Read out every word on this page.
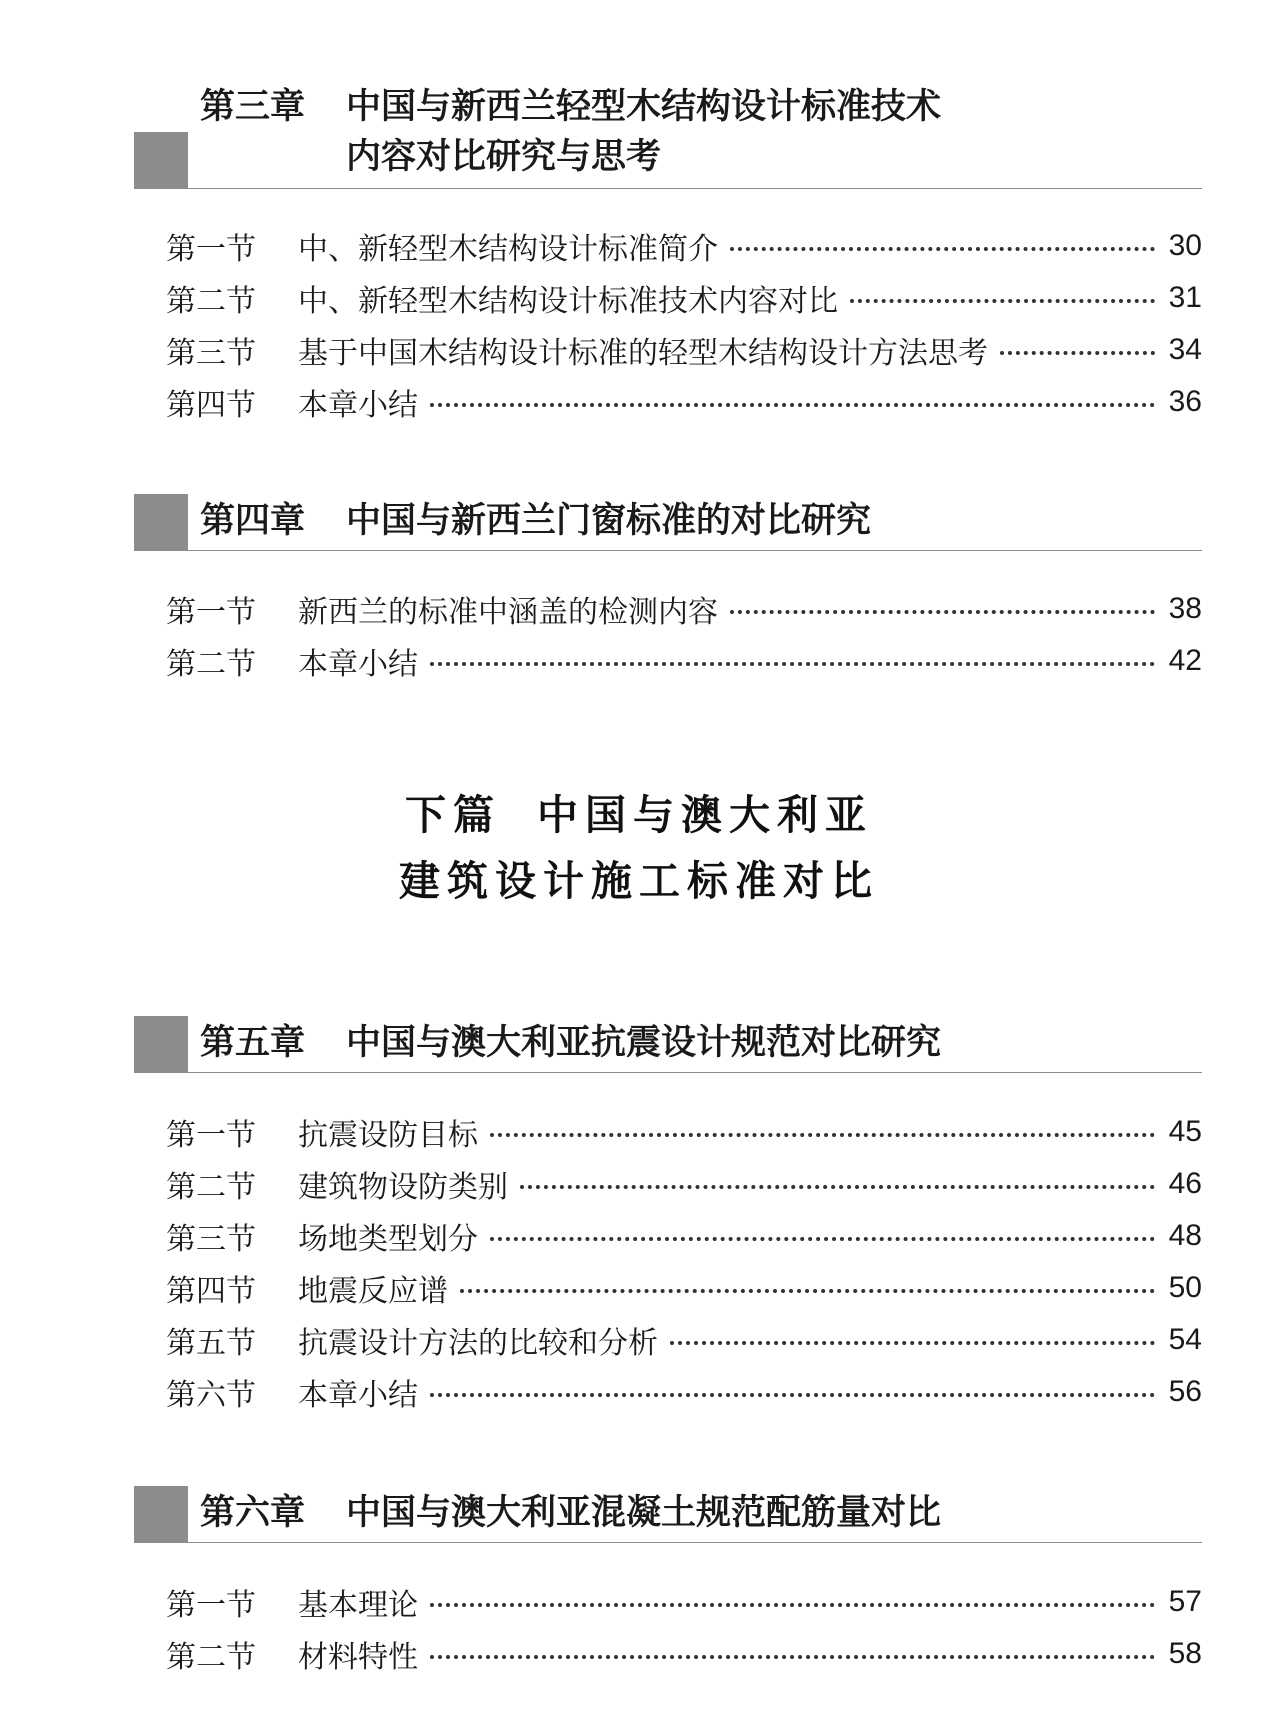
第三章 中国与新西兰轻型木结构设计标准技术
内容对比研究与思考
第一节	中、新轻型木结构设计标准简介	30
第二节	中、新轻型木结构设计标准技术内容对比	31
第三节	基于中国木结构设计标准的轻型木结构设计方法思考	34
第四节	本章小结	36
第四章 中国与新西兰门窗标准的对比研究
第一节	新西兰的标准中涵盖的检测内容	38
第二节	本章小结	42
下篇 中国与澳大利亚
建筑设计施工标准对比
第五章 中国与澳大利亚抗震设计规范对比研究
第一节	抗震设防目标	45
第二节	建筑物设防类别	46
第三节	场地类型划分	48
第四节	地震反应谱	50
第五节	抗震设计方法的比较和分析	54
第六节	本章小结	56
第六章 中国与澳大利亚混凝土规范配筋量对比
第一节	基本理论	57
第二节	材料特性	58
